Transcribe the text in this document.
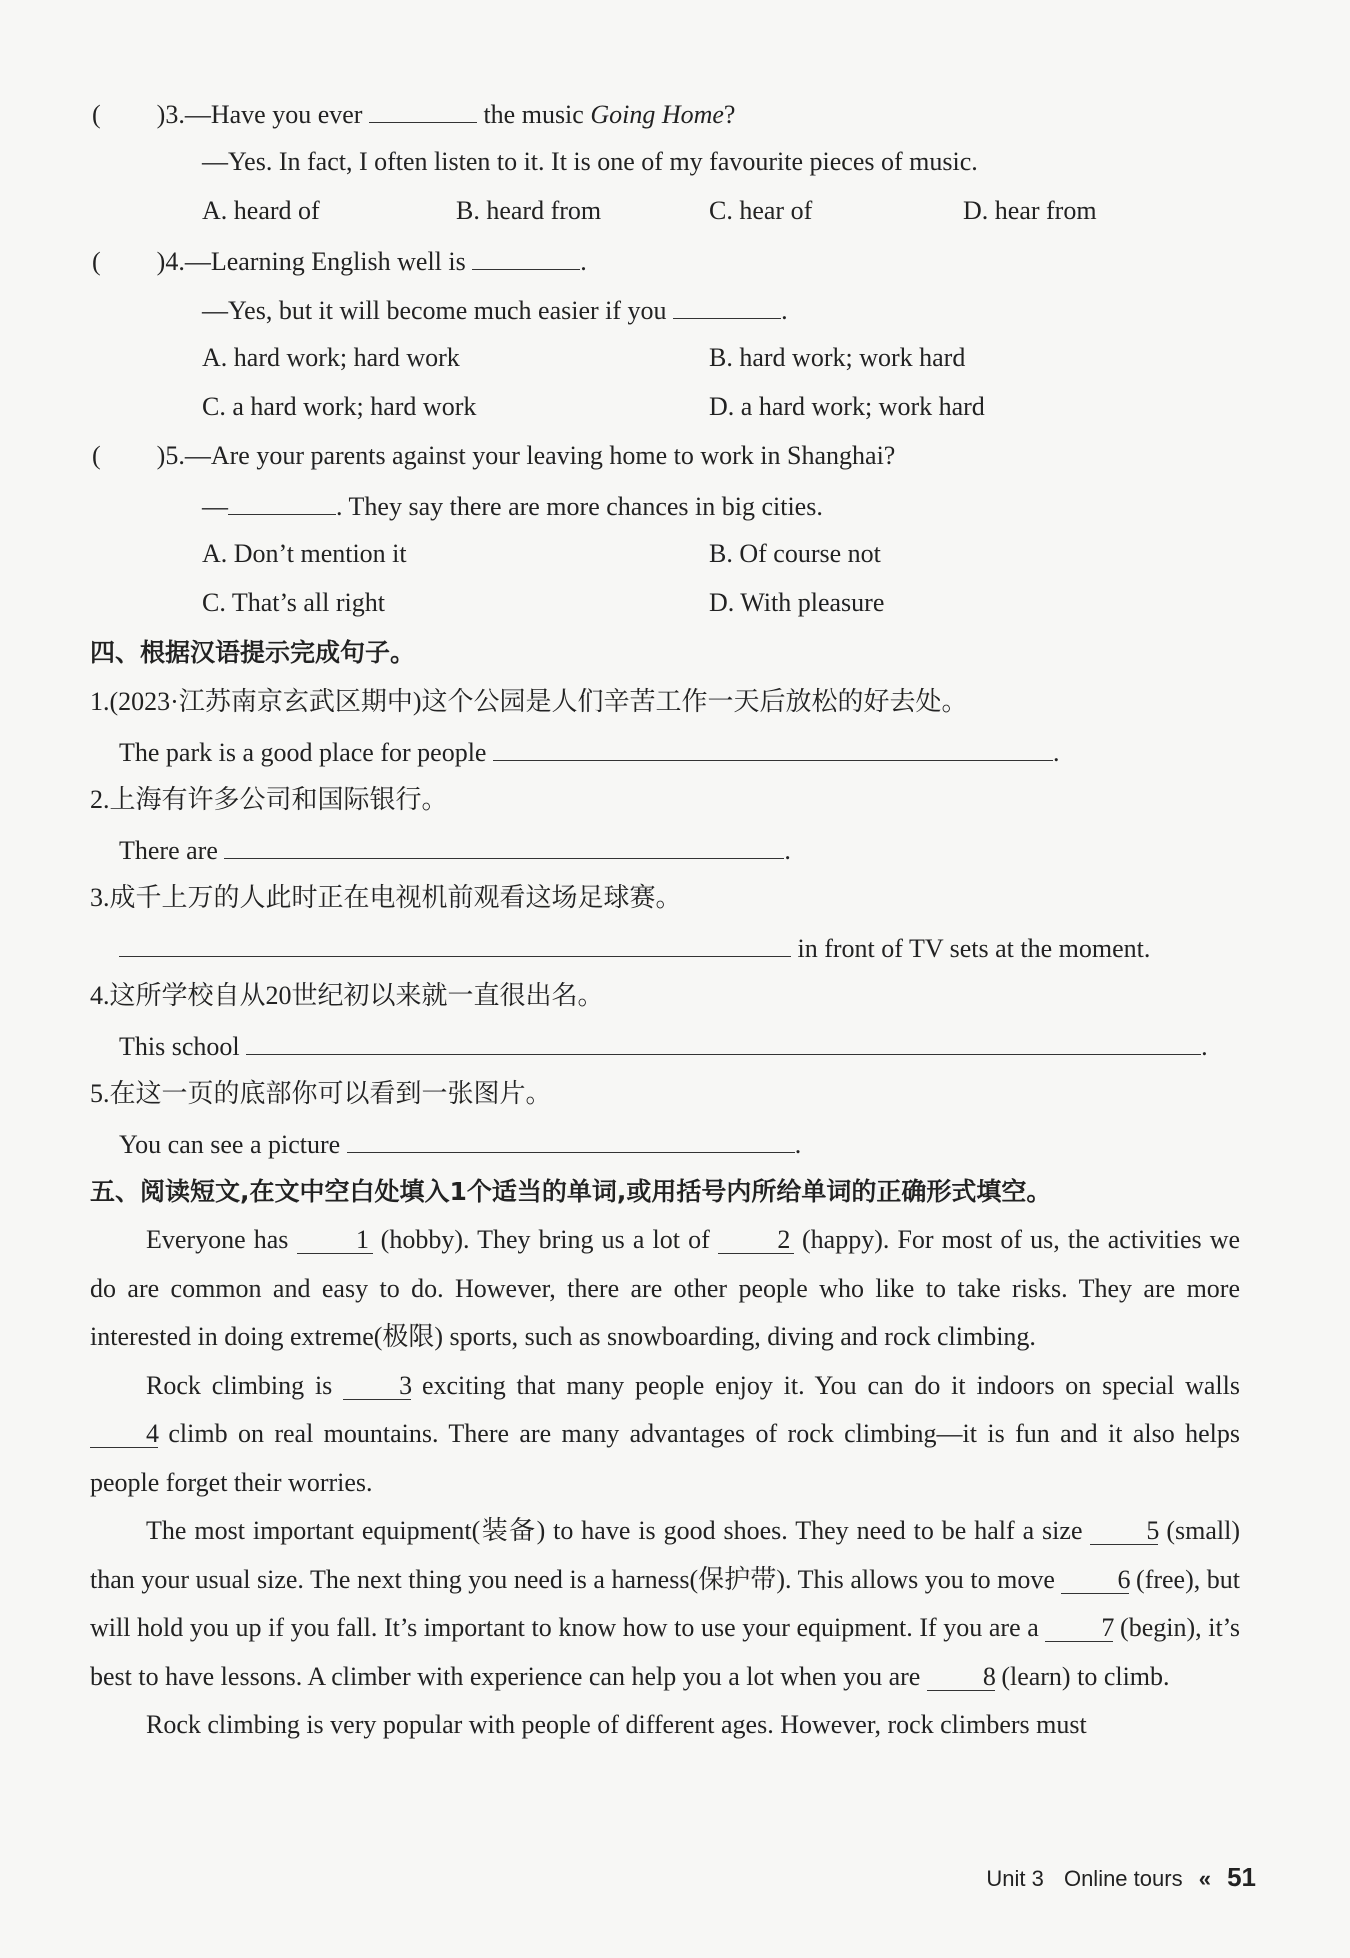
( )3.—Have you ever	the music Going Home?
—Yes. In fact, I often listen to it. It is one of my favourite pieces of music.
A. heard of	B. heard from	C. hear of	D. hear from
( )4.—Learning English well is	.
—Yes, but it will become much easier if you	.
A. hard work; hard work	B. hard work; work hard
C. a hard work; hard work	D. a hard work; work hard
( )5.—Are your parents against your leaving home to work in Shanghai?
—	. They say there are more chances in big cities.
A. Don’t mention it	B. Of course not
C. That’s all right	D. With pleasure
四、根据汉语提示完成句子。
1.(2023·江苏南京玄武区期中)这个公园是人们辛苦工作一天后放松的好去处。
The park is a good place for people	.
2.上海有许多公司和国际银行。
There are	.
3.成千上万的人此时正在电视机前观看这场足球赛。
in front of TV sets at the moment.
4.这所学校自从20世纪初以来就一直很出名。
This school	.
5.在这一页的底部你可以看到一张图片。
You can see a picture	.
五、阅读短文,在文中空白处填入1个适当的单词,或用括号内所给单词的正确形式填空。

Everyone has	1 (hobby). They bring us a lot of	2 (happy). For most of us, the activities we do are common and easy to do. However, there are other people who like to take risks. They are more interested in doing extreme(极限) sports, such as snowboarding, diving and rock climbing.

Rock climbing is	3 exciting that many people enjoy it. You can do it indoors on special walls 4 climb on real mountains. There are many advantages of rock climbing—it is fun and it also helps people forget their worries.

The most important equipment(装备) to have is good shoes. They need to be half a size 5 (small) than your usual size. The next thing you need is a harness(保护带). This allows you to move 6 (free), but will hold you up if you fall. It’s important to know how to use your equipment. If you are a 7 (begin), it’s best to have lessons. A climber with experience can help you a lot when you are 8 (learn) to climb.

Rock climbing is very popular with people of different ages. However, rock climbers must

Unit 3 Online tours « 51
